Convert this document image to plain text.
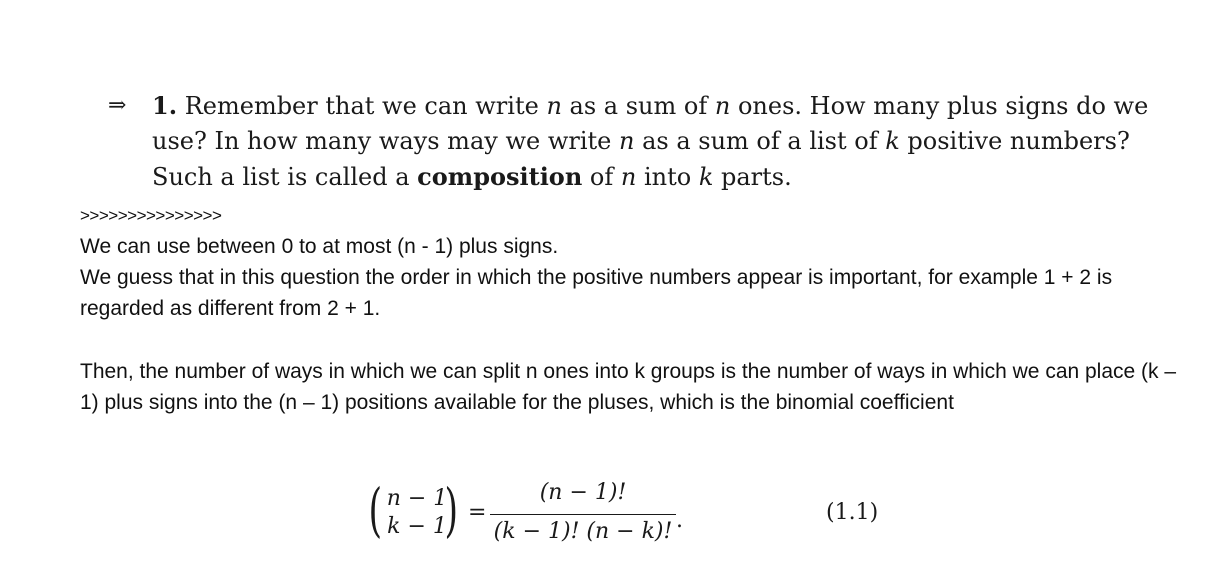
⇒ 1. Remember that we can write n as a sum of n ones. How many plus signs do we
use? In how many ways may we write n as a sum of a list of k positive numbers?
Such a list is called a composition of n into k parts.
>>>>>>>>>>>>>>>
We can use between 0 to at most (n - 1) plus signs.
We guess that in this question the order in which the positive numbers appear is important, for example 1 + 2 is regarded as different from 2 + 1.
Then, the number of ways in which we can split n ones into k groups is the number of ways in which we can place (k – 1) plus signs into the (n – 1) positions available for the pluses, which is the binomial coefficient
( n − 1
k − 1
) =
(n − 1)!
(k − 1)! (n − k)! .	(1.1)
